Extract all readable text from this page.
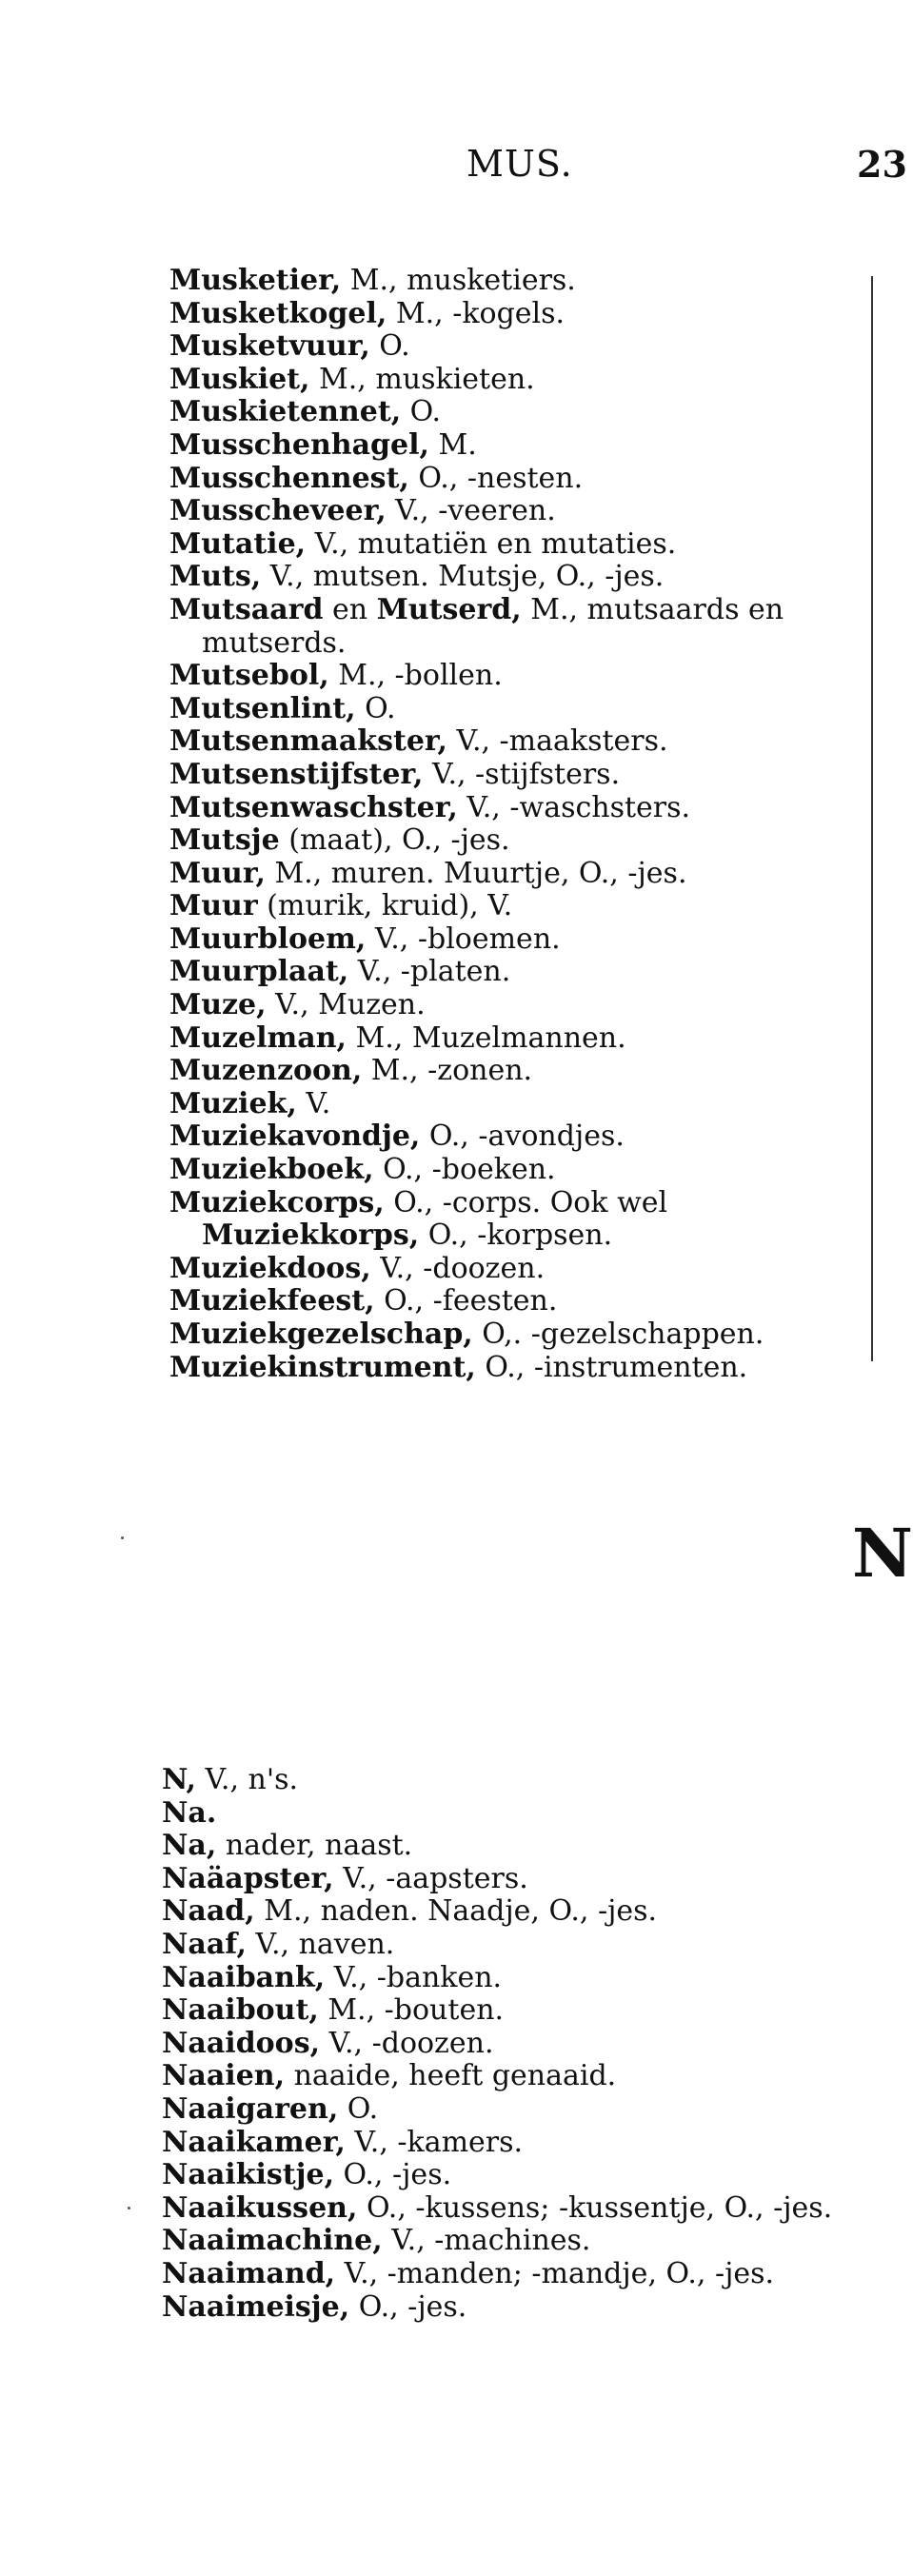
MUS.	23
Musketier, M., musketiers.
Musketkogel, M., -kogels.
Musketvuur, O.
Muskiet, M., muskieten.
Muskietennet, O.
Musschenhagel, M.
Musschennest, O., -nesten.
Musscheveer, V., -veeren.
Mutatie, V., mutatiën en mutaties.
Muts, V., mutsen. Mutsje, O., -jes.
Mutsaard en Mutserd, M., mutsaards en mutserds.
Mutsebol, M., -bollen.
Mutsenlint, O.
Mutsenmaakster, V., -maaksters.
Mutsenstijfster, V., -stijfsters.
Mutsenwaschster, V., -waschsters.
Mutsje (maat), O., -jes.
Muur, M., muren. Muurtje, O., -jes.
Muur (murik, kruid), V.
Muurbloem, V., -bloemen.
Muurplaat, V., -platen.
Muze, V., Muzen.
Muzelman, M., Muzelmannen.
Muzenzoon, M., -zonen.
Muziek, V.
Muziekavondje, O., -avondjes.
Muziekboek, O., -boeken.
Muziekcorps, O., -corps. Ook wel Muziekkorps, O., -korpsen.
Muziekdoos, V., -doozen.
Muziekfeest, O., -feesten.
Muziekgezelschap, O,. -gezelschappen.
Muziekinstrument, O., -instrumenten.
N
N, V., n's.
Na.
Na, nader, naast.
Naäapster, V., -aapsters.
Naad, M., naden. Naadje, O., -jes.
Naaf, V., naven.
Naaibank, V., -banken.
Naaibout, M., -bouten.
Naaidoos, V., -doozen.
Naaien, naaide, heeft genaaid.
Naaigaren, O.
Naaikamer, V., -kamers.
Naaikistje, O., -jes.
Naaikussen, O., -kussens; -kussentje, O., -jes.
Naaimachine, V., -machines.
Naaimand, V., -manden; -mandje, O., -jes.
Naaimeisje, O., -jes.
